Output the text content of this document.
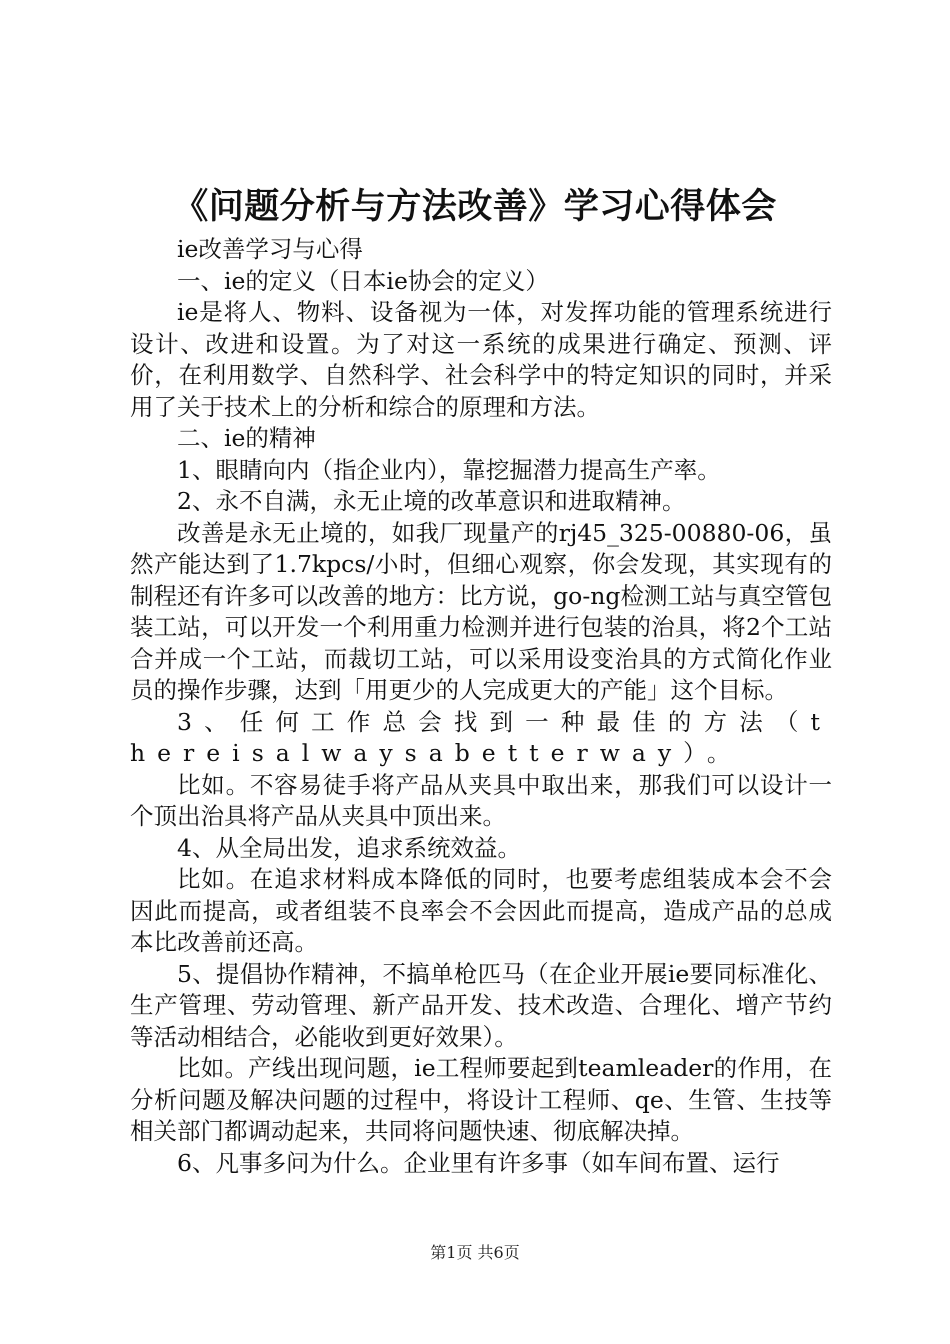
《问题分析与方法改善》学习心得体会

ie改善学习与心得

一、ie的定义（日本ie协会的定义）

ie是将人、物料、设备视为一体，对发挥功能的管理系统进行设计、改进和设置。为了对这一系统的成果进行确定、预测、评价，在利用数学、自然科学、社会科学中的特定知识的同时，并采用了关于技术上的分析和综合的原理和方法。

二、ie的精神

1、眼睛向内（指企业内），靠挖掘潜力提高生产率。

2、永不自满，永无止境的改革意识和进取精神。

改善是永无止境的，如我厂现量产的rj45_325-00880-06，虽然产能达到了1.7kpcs/小时，但细心观察，你会发现，其实现有的制程还有许多可以改善的地方：比方说，go-ng检测工站与真空管包装工站，可以开发一个利用重力检测并进行包装的治具，将2个工站合并成一个工站，而裁切工站，可以采用设变治具的方式简化作业员的操作步骤，达到「用更少的人完成更大的产能」这个目标。

3、任何工作总会找到一种最佳的方法（thereisalwaysabetterway）。

比如。不容易徒手将产品从夹具中取出来，那我们可以设计一个顶出治具将产品从夹具中顶出来。

4、从全局出发，追求系统效益。

比如。在追求材料成本降低的同时，也要考虑组装成本会不会因此而提高，或者组装不良率会不会因此而提高，造成产品的总成本比改善前还高。

5、提倡协作精神，不搞单枪匹马（在企业开展ie要同标准化、生产管理、劳动管理、新产品开发、技术改造、合理化、增产节约等活动相结合，必能收到更好效果）。

比如。产线出现问题，ie工程师要起到teamleader的作用，在分析问题及解决问题的过程中，将设计工程师、qe、生管、生技等相关部门都调动起来，共同将问题快速、彻底解决掉。

6、凡事多问为什么。企业里有许多事（如车间布置、运行

第1页 共6页
